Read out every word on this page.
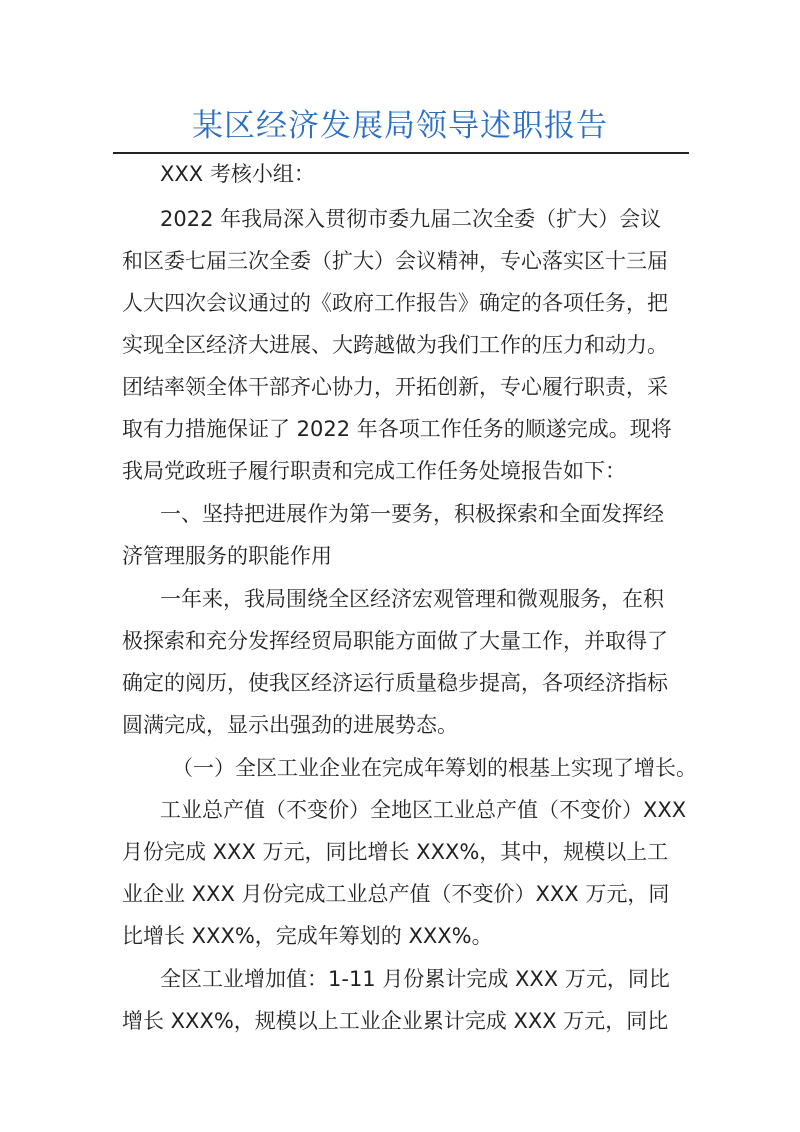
某区经济发展局领导述职报告
XXX 考核小组：
2022 年我局深入贯彻市委九届二次全委（扩大）会议
和区委七届三次全委（扩大）会议精神，专心落实区十三届
人大四次会议通过的《政府工作报告》确定的各项任务，把
实现全区经济大进展、大跨越做为我们工作的压力和动力。
团结率领全体干部齐心协力，开拓创新，专心履行职责，采
取有力措施保证了 2022 年各项工作任务的顺遂完成。现将
我局党政班子履行职责和完成工作任务处境报告如下：
一、坚持把进展作为第一要务，积极探索和全面发挥经
济管理服务的职能作用
一年来，我局围绕全区经济宏观管理和微观服务，在积
极探索和充分发挥经贸局职能方面做了大量工作，并取得了
确定的阅历，使我区经济运行质量稳步提高，各项经济指标
圆满完成，显示出强劲的进展势态。
（一）全区工业企业在完成年筹划的根基上实现了增长。
工业总产值（不变价）全地区工业总产值（不变价）XXX
月份完成 XXX 万元，同比增长 XXX%，其中，规模以上工
业企业 XXX 月份完成工业总产值（不变价）XXX 万元，同
比增长 XXX%，完成年筹划的 XXX%。
全区工业增加值：1-11 月份累计完成 XXX 万元，同比
增长 XXX%，规模以上工业企业累计完成 XXX 万元，同比
